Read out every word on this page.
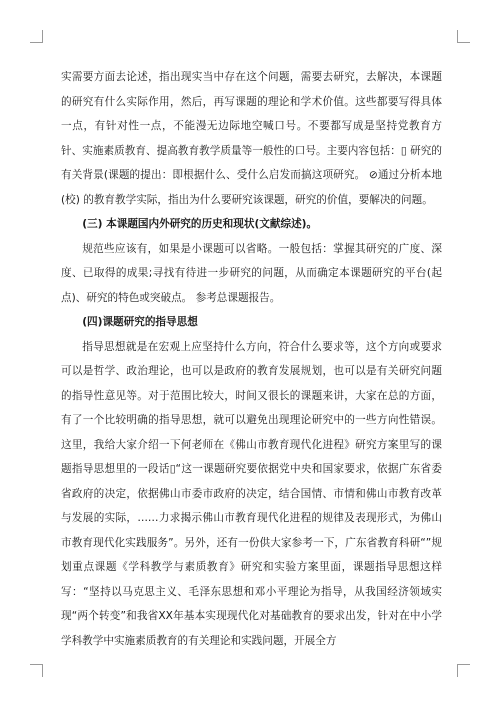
实需要方面去论述，指出现实当中存在这个问题，需要去研究，去解决，本课题的研究有什么实际作用，然后，再写课题的理论和学术价值。这些都要写得具体一点，有针对性一点，不能漫无边际地空喊口号。不要都写成是坚持党教育方针、实施素质教育、提高教育教学质量等一般性的口号。主要内容包括：▯ 研究的有关背景(课题的提出：即根据什么、受什么启发而搞这项研究。 ⊘通过分析本地(校) 的教育教学实际，指出为什么要研究该课题，研究的价值，要解决的问题。

(三) 本课题国内外研究的历史和现状(文献综述)。

规范些应该有，如果是小课题可以省略。一般包括：掌握其研究的广度、深度、已取得的成果;寻找有待进一步研究的问题，从而确定本课题研究的平台(起点)、研究的特色或突破点。 参考总课题报告。

(四)课题研究的指导思想

指导思想就是在宏观上应坚持什么方向，符合什么要求等，这个方向或要求可以是哲学、政治理论，也可以是政府的教育发展规划，也可以是有关研究问题的指导性意见等。对于范围比较大，时间又很长的课题来讲，大家在总的方面，有了一个比较明确的指导思想，就可以避免出现理论研究中的一些方向性错误。这里，我给大家介绍一下何老师在《佛山市教育现代化进程》研究方案里写的课题指导思想里的一段话▯“这一课题研究要依据党中央和国家要求，依据广东省委省政府的决定，依据佛山市委市政府的决定，结合国情、市情和佛山市教育改革与发展的实际，……力求揭示佛山市教育现代化进程的规律及表现形式，为佛山市教育现代化实践服务”。另外，还有一份供大家参考一下，广东省教育科研“”规划重点课题《学科教学与素质教育》研究和实验方案里面，课题指导思想这样写：“坚持以马克思主义、毛泽东思想和邓小平理论为指导，从我国经济领域实现“两个转变”和我省XX年基本实现现代化对基础教育的要求出发，针对在中小学学科教学中实施素质教育的有关理论和实践问题，开展全方
